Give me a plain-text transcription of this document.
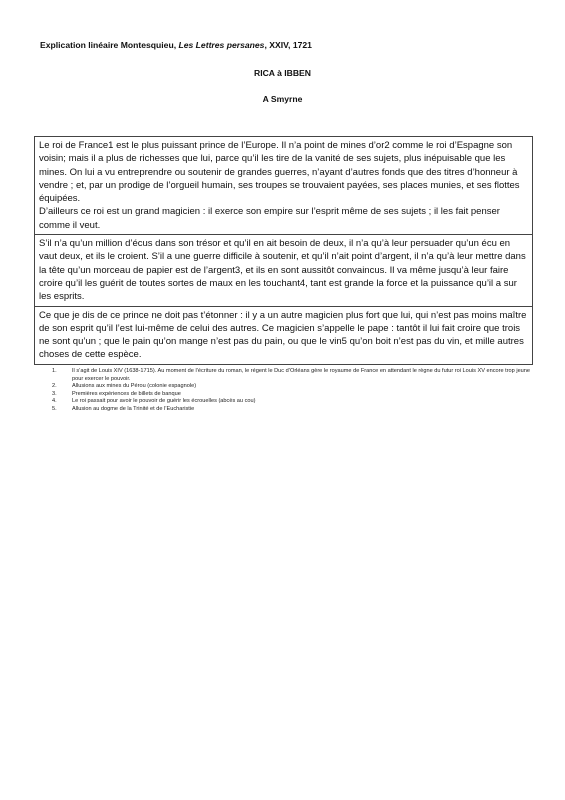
Explication linéaire Montesquieu, Les Lettres persanes, XXIV, 1721
RICA à IBBEN
A Smyrne

Le roi de France1 est le plus puissant prince de l’Europe. Il n’a point de mines d’or2 comme le roi d’Espagne son voisin; mais il a plus de richesses que lui, parce qu’il les tire de la vanité de ses sujets, plus inépuisable que les mines. On lui a vu entreprendre ou soutenir de grandes guerres, n’ayant d’autres fonds que des titres d’honneur à vendre ; et, par un prodige de l’orgueil humain, ses troupes se trouvaient payées, ses places munies, et ses flottes équipées.

D’ailleurs ce roi est un grand magicien : il exerce son empire sur l’esprit même de ses sujets ; il les fait penser comme il veut.

S’il n’a qu’un million d’écus dans son trésor et qu’il en ait besoin de deux, il n’a qu’à leur persuader qu’un écu en vaut deux, et ils le croient. S’il a une guerre difficile à soutenir, et qu’il n’ait point d’argent, il n’a qu’à leur mettre dans la tête qu’un morceau de papier est de l’argent3, et ils en sont aussitôt convaincus. Il va même jusqu’à leur faire croire qu’il les guérit de toutes sortes de maux en les touchant4, tant est grande la force et la puissance qu’il a sur les esprits.

Ce que je dis de ce prince ne doit pas t’étonner : il y a un autre magicien plus fort que lui, qui n’est pas moins maître de son esprit qu’il l’est lui-même de celui des autres. Ce magicien s’appelle le pape : tantôt il lui fait croire que trois ne sont qu’un ; que le pain qu’on mange n’est pas du pain, ou que le vin5 qu’on boit n’est pas du vin, et mille autres choses de cette espèce.

1.	Il s’agit de Louis XIV (1638-1715). Au moment de l’écriture du roman, le régent le Duc d’Orléans gère le royaume de France en attendant le règne du futur roi Louis XV encore trop jeune pour exercer le pouvoir.
2.	Allusions aux mines du Pérou (colonie espagnole)
3.	Premières expériences de billets de banque
4.	Le roi passait pour avoir le pouvoir de guérir les écrouelles (abcès au cou)
5.	Allusion au dogme de la Trinité et de l’Eucharistie
